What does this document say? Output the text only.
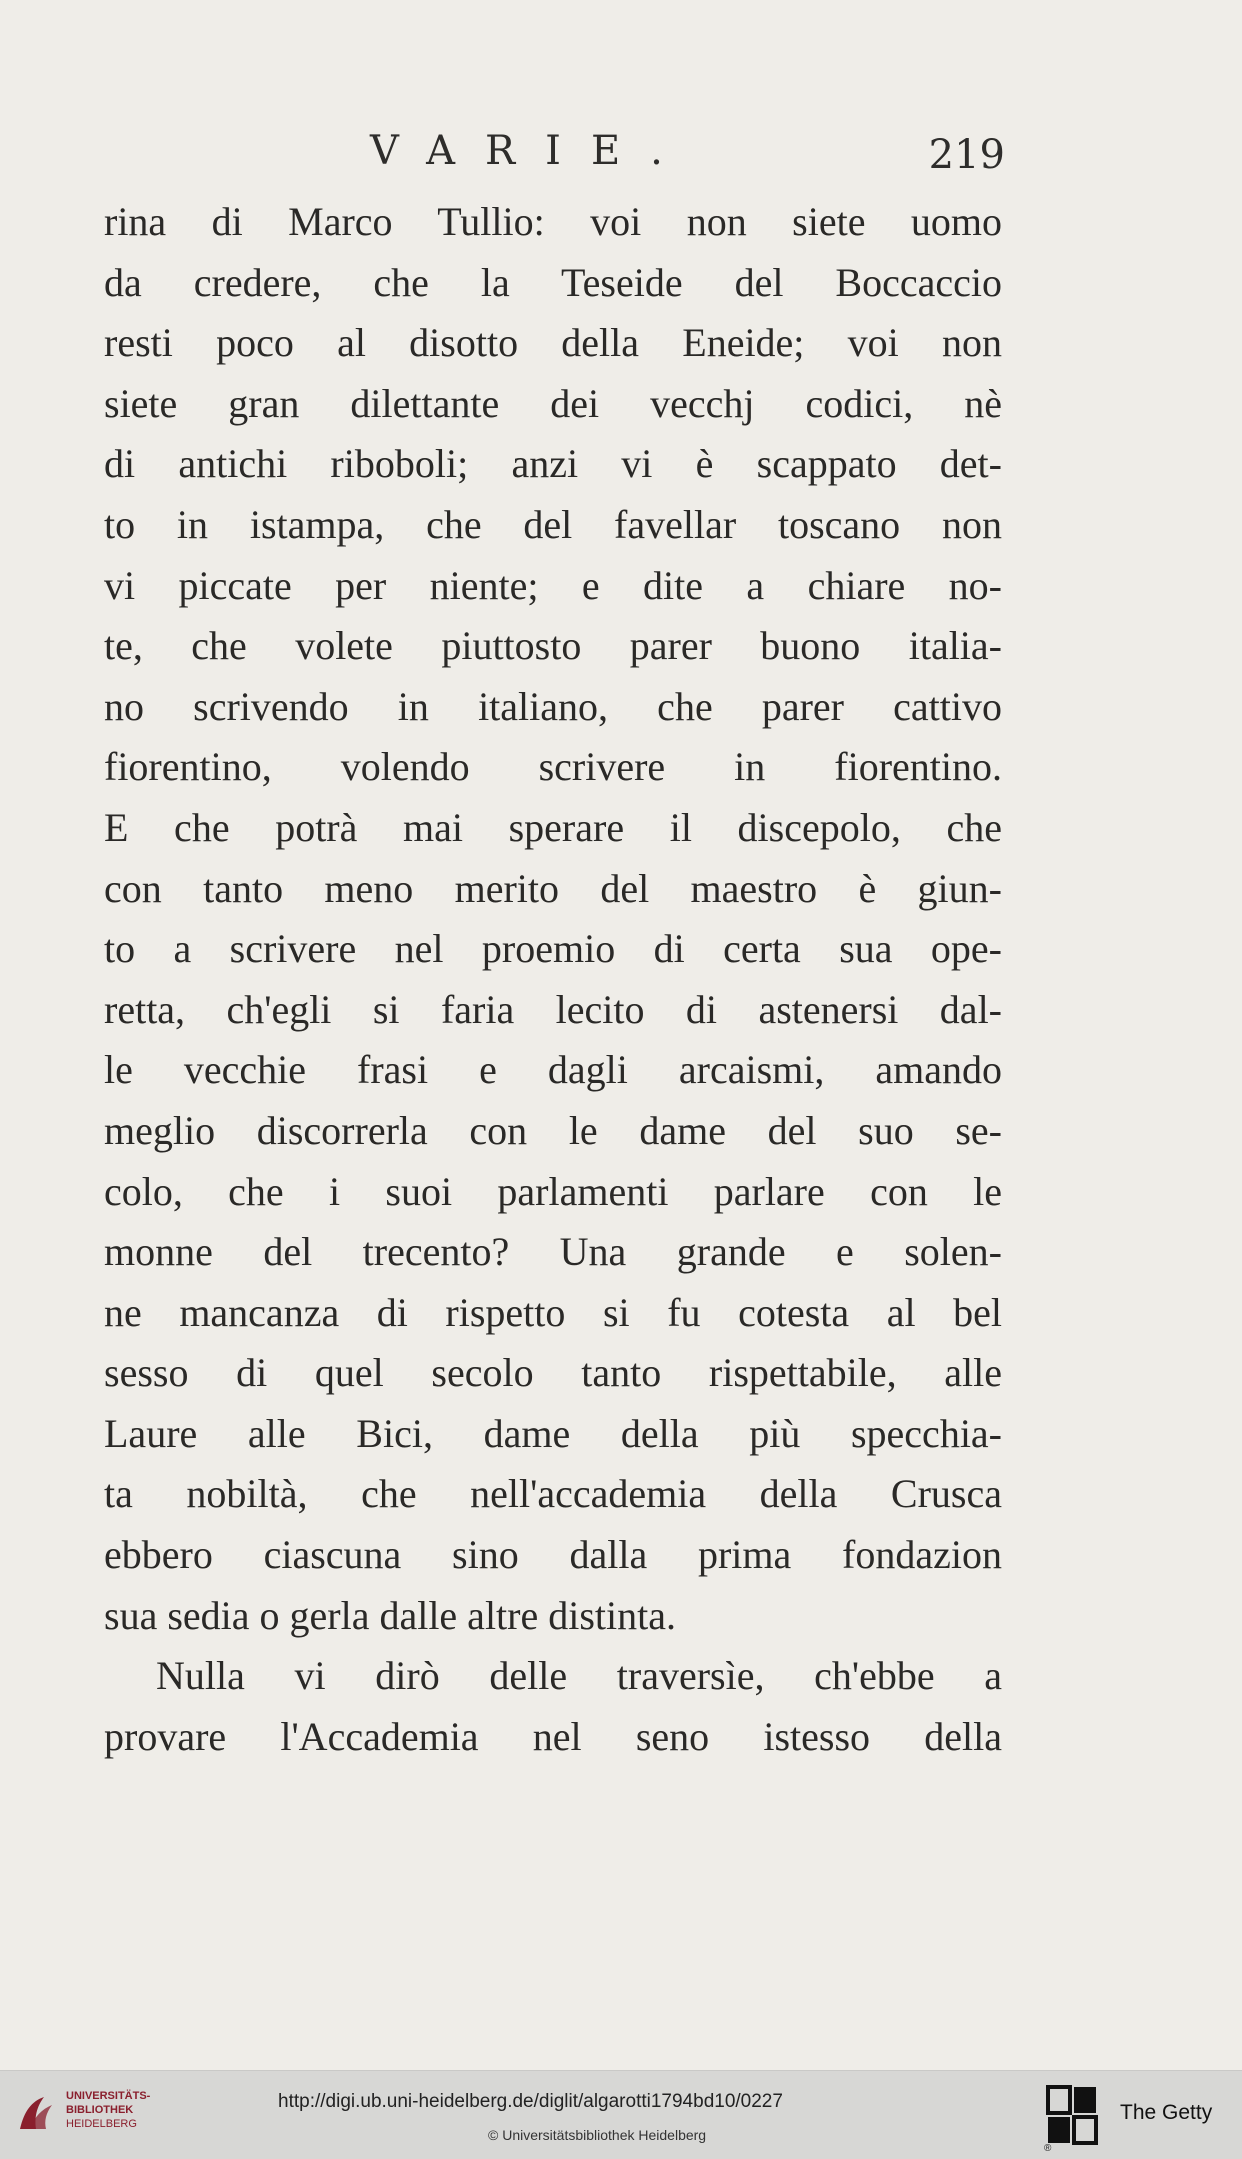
VARIE.	219
rina di Marco Tullio: voi non siete uomo
da credere, che la Teseide del Boccaccio
resti poco al disotto della Eneide; voi non
siete gran dilettante dei vecchj codici, nè
di antichi riboboli; anzi vi è scappato det-
to in istampa, che del favellar toscano non
vi piccate per niente; e dite a chiare no-
te, che volete piuttosto parer buono italia-
no scrivendo in italiano, che parer cattivo
fiorentino, volendo scrivere in fiorentino.
E che potrà mai sperare il discepolo, che
con tanto meno merito del maestro è giun-
to a scrivere nel proemio di certa sua ope-
retta, ch'egli si faria lecito di astenersi dal-
le vecchie frasi e dagli arcaismi, amando
meglio discorrerla con le dame del suo se-
colo, che i suoi parlamenti parlare con le
monne del trecento? Una grande e solen-
ne mancanza di rispetto si fu cotesta al bel
sesso di quel secolo tanto rispettabile, alle
Laure alle Bici, dame della più specchia-
ta nobiltà, che nell'accademia della Crusca
ebbero ciascuna sino dalla prima fondazion
sua sedia o gerla dalle altre distinta.
Nulla vi dirò delle traversìe, ch'ebbe a
provare l'Accademia nel seno istesso della
UNIVERSITÄTS-
BIBLIOTHEK
HEIDELBERG
http://digi.ub.uni-heidelberg.de/diglit/algarotti1794bd10/0227
© Universitätsbibliothek Heidelberg
The Getty
®
